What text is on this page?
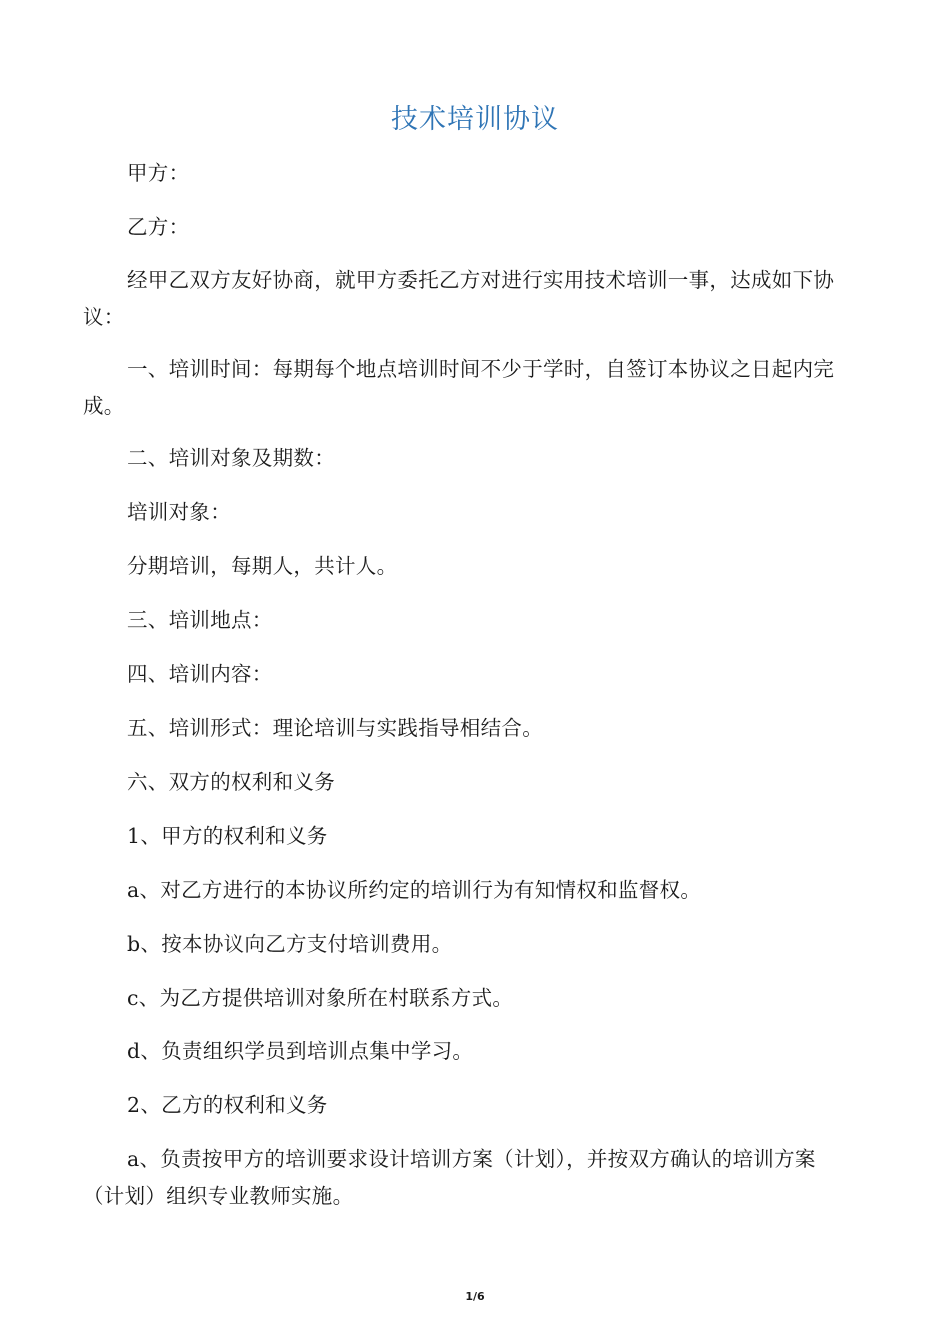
技术培训协议

甲方：

乙方：

经甲乙双方友好协商，就甲方委托乙方对进行实用技术培训一事，达成如下协议：

一、培训时间：每期每个地点培训时间不少于学时，自签订本协议之日起内完成。

二、培训对象及期数：

培训对象：

分期培训，每期人，共计人。

三、培训地点：

四、培训内容：

五、培训形式：理论培训与实践指导相结合。

六、双方的权利和义务

1、甲方的权利和义务

a、对乙方进行的本协议所约定的培训行为有知情权和监督权。

b、按本协议向乙方支付培训费用。

c、为乙方提供培训对象所在村联系方式。

d、负责组织学员到培训点集中学习。

2、乙方的权利和义务

a、负责按甲方的培训要求设计培训方案（计划），并按双方确认的培训方案（计划）组织专业教师实施。

1/6
